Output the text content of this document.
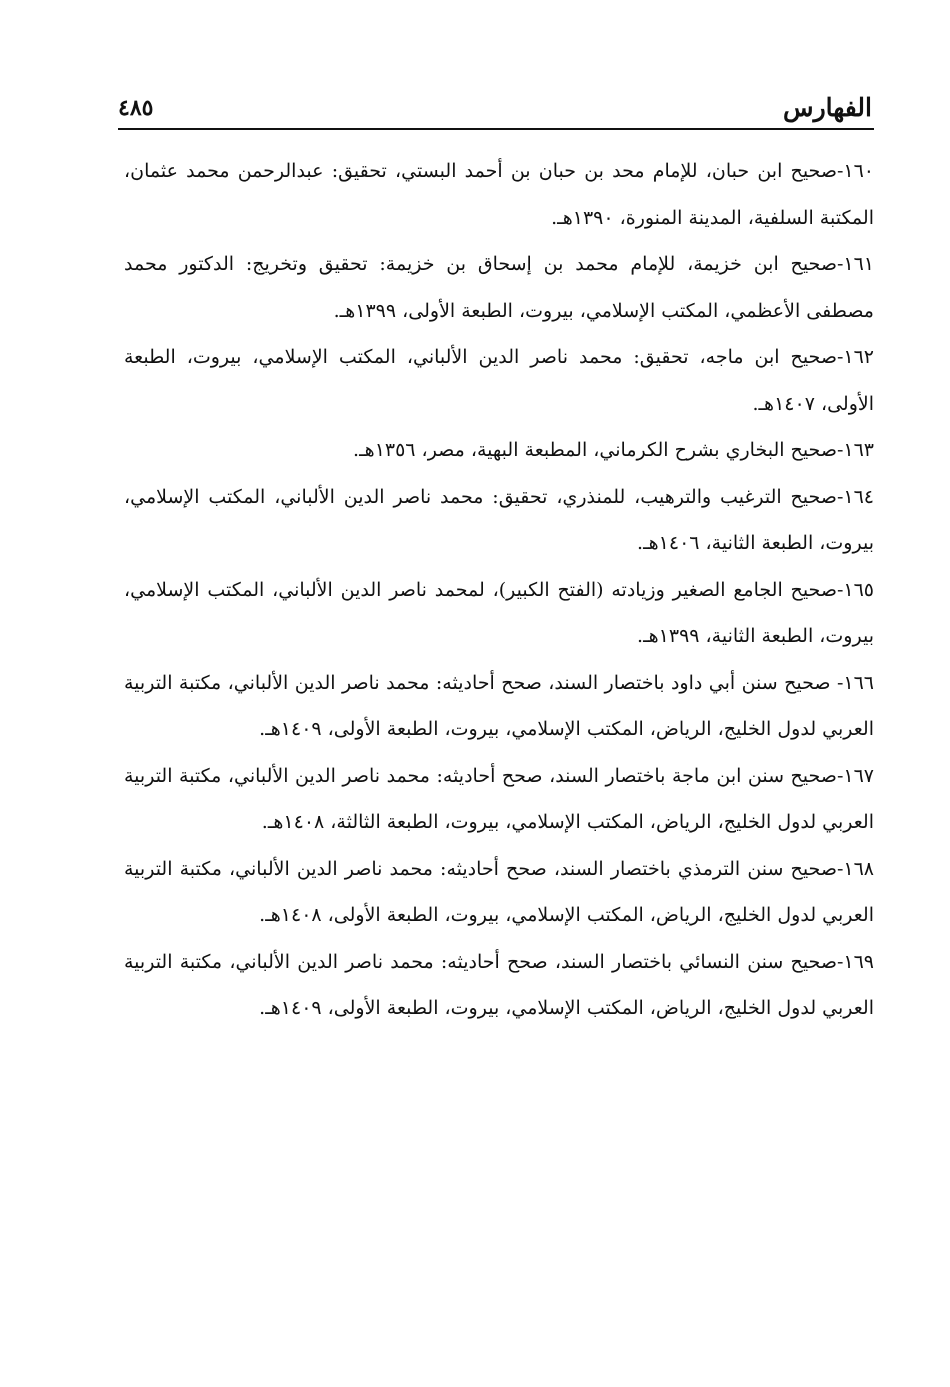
الفهارس
٤٨٥

١٦٠-صحيح ابن حبان، للإمام محد بن حبان بن أحمد البستي، تحقيق: عبدالرحمن محمد عثمان، المكتبة السلفية، المدينة المنورة، ١٣٩٠هـ.

١٦١-صحيح ابن خزيمة، للإمام محمد بن إسحاق بن خزيمة: تحقيق وتخريج: الدكتور محمد مصطفى الأعظمي، المكتب الإسلامي، بيروت، الطبعة الأولى، ١٣٩٩هـ.

١٦٢-صحيح ابن ماجه، تحقيق: محمد ناصر الدين الألباني، المكتب الإسلامي، بيروت، الطبعة الأولى، ١٤٠٧هـ.

١٦٣-صحيح البخاري بشرح الكرماني، المطبعة البهية، مصر، ١٣٥٦هـ.

١٦٤-صحيح الترغيب والترهيب، للمنذري، تحقيق: محمد ناصر الدين الألباني، المكتب الإسلامي، بيروت، الطبعة الثانية، ١٤٠٦هـ.

١٦٥-صحيح الجامع الصغير وزيادته (الفتح الكبير)، لمحمد ناصر الدين الألباني، المكتب الإسلامي، بيروت، الطبعة الثانية، ١٣٩٩هـ.

١٦٦- صحيح سنن أبي داود باختصار السند، صحح أحاديثه: محمد ناصر الدين الألباني، مكتبة التربية العربي لدول الخليج، الرياض، المكتب الإسلامي، بيروت، الطبعة الأولى، ١٤٠٩هـ.

١٦٧-صحيح سنن ابن ماجة باختصار السند، صحح أحاديثه: محمد ناصر الدين الألباني، مكتبة التربية العربي لدول الخليج، الرياض، المكتب الإسلامي، بيروت، الطبعة الثالثة، ١٤٠٨هـ.

١٦٨-صحيح سنن الترمذي باختصار السند، صحح أحاديثه: محمد ناصر الدين الألباني، مكتبة التربية العربي لدول الخليج، الرياض، المكتب الإسلامي، بيروت، الطبعة الأولى، ١٤٠٨هـ.

١٦٩-صحيح سنن النسائي باختصار السند، صحح أحاديثه: محمد ناصر الدين الألباني، مكتبة التربية العربي لدول الخليج، الرياض، المكتب الإسلامي، بيروت، الطبعة الأولى، ١٤٠٩هـ.
